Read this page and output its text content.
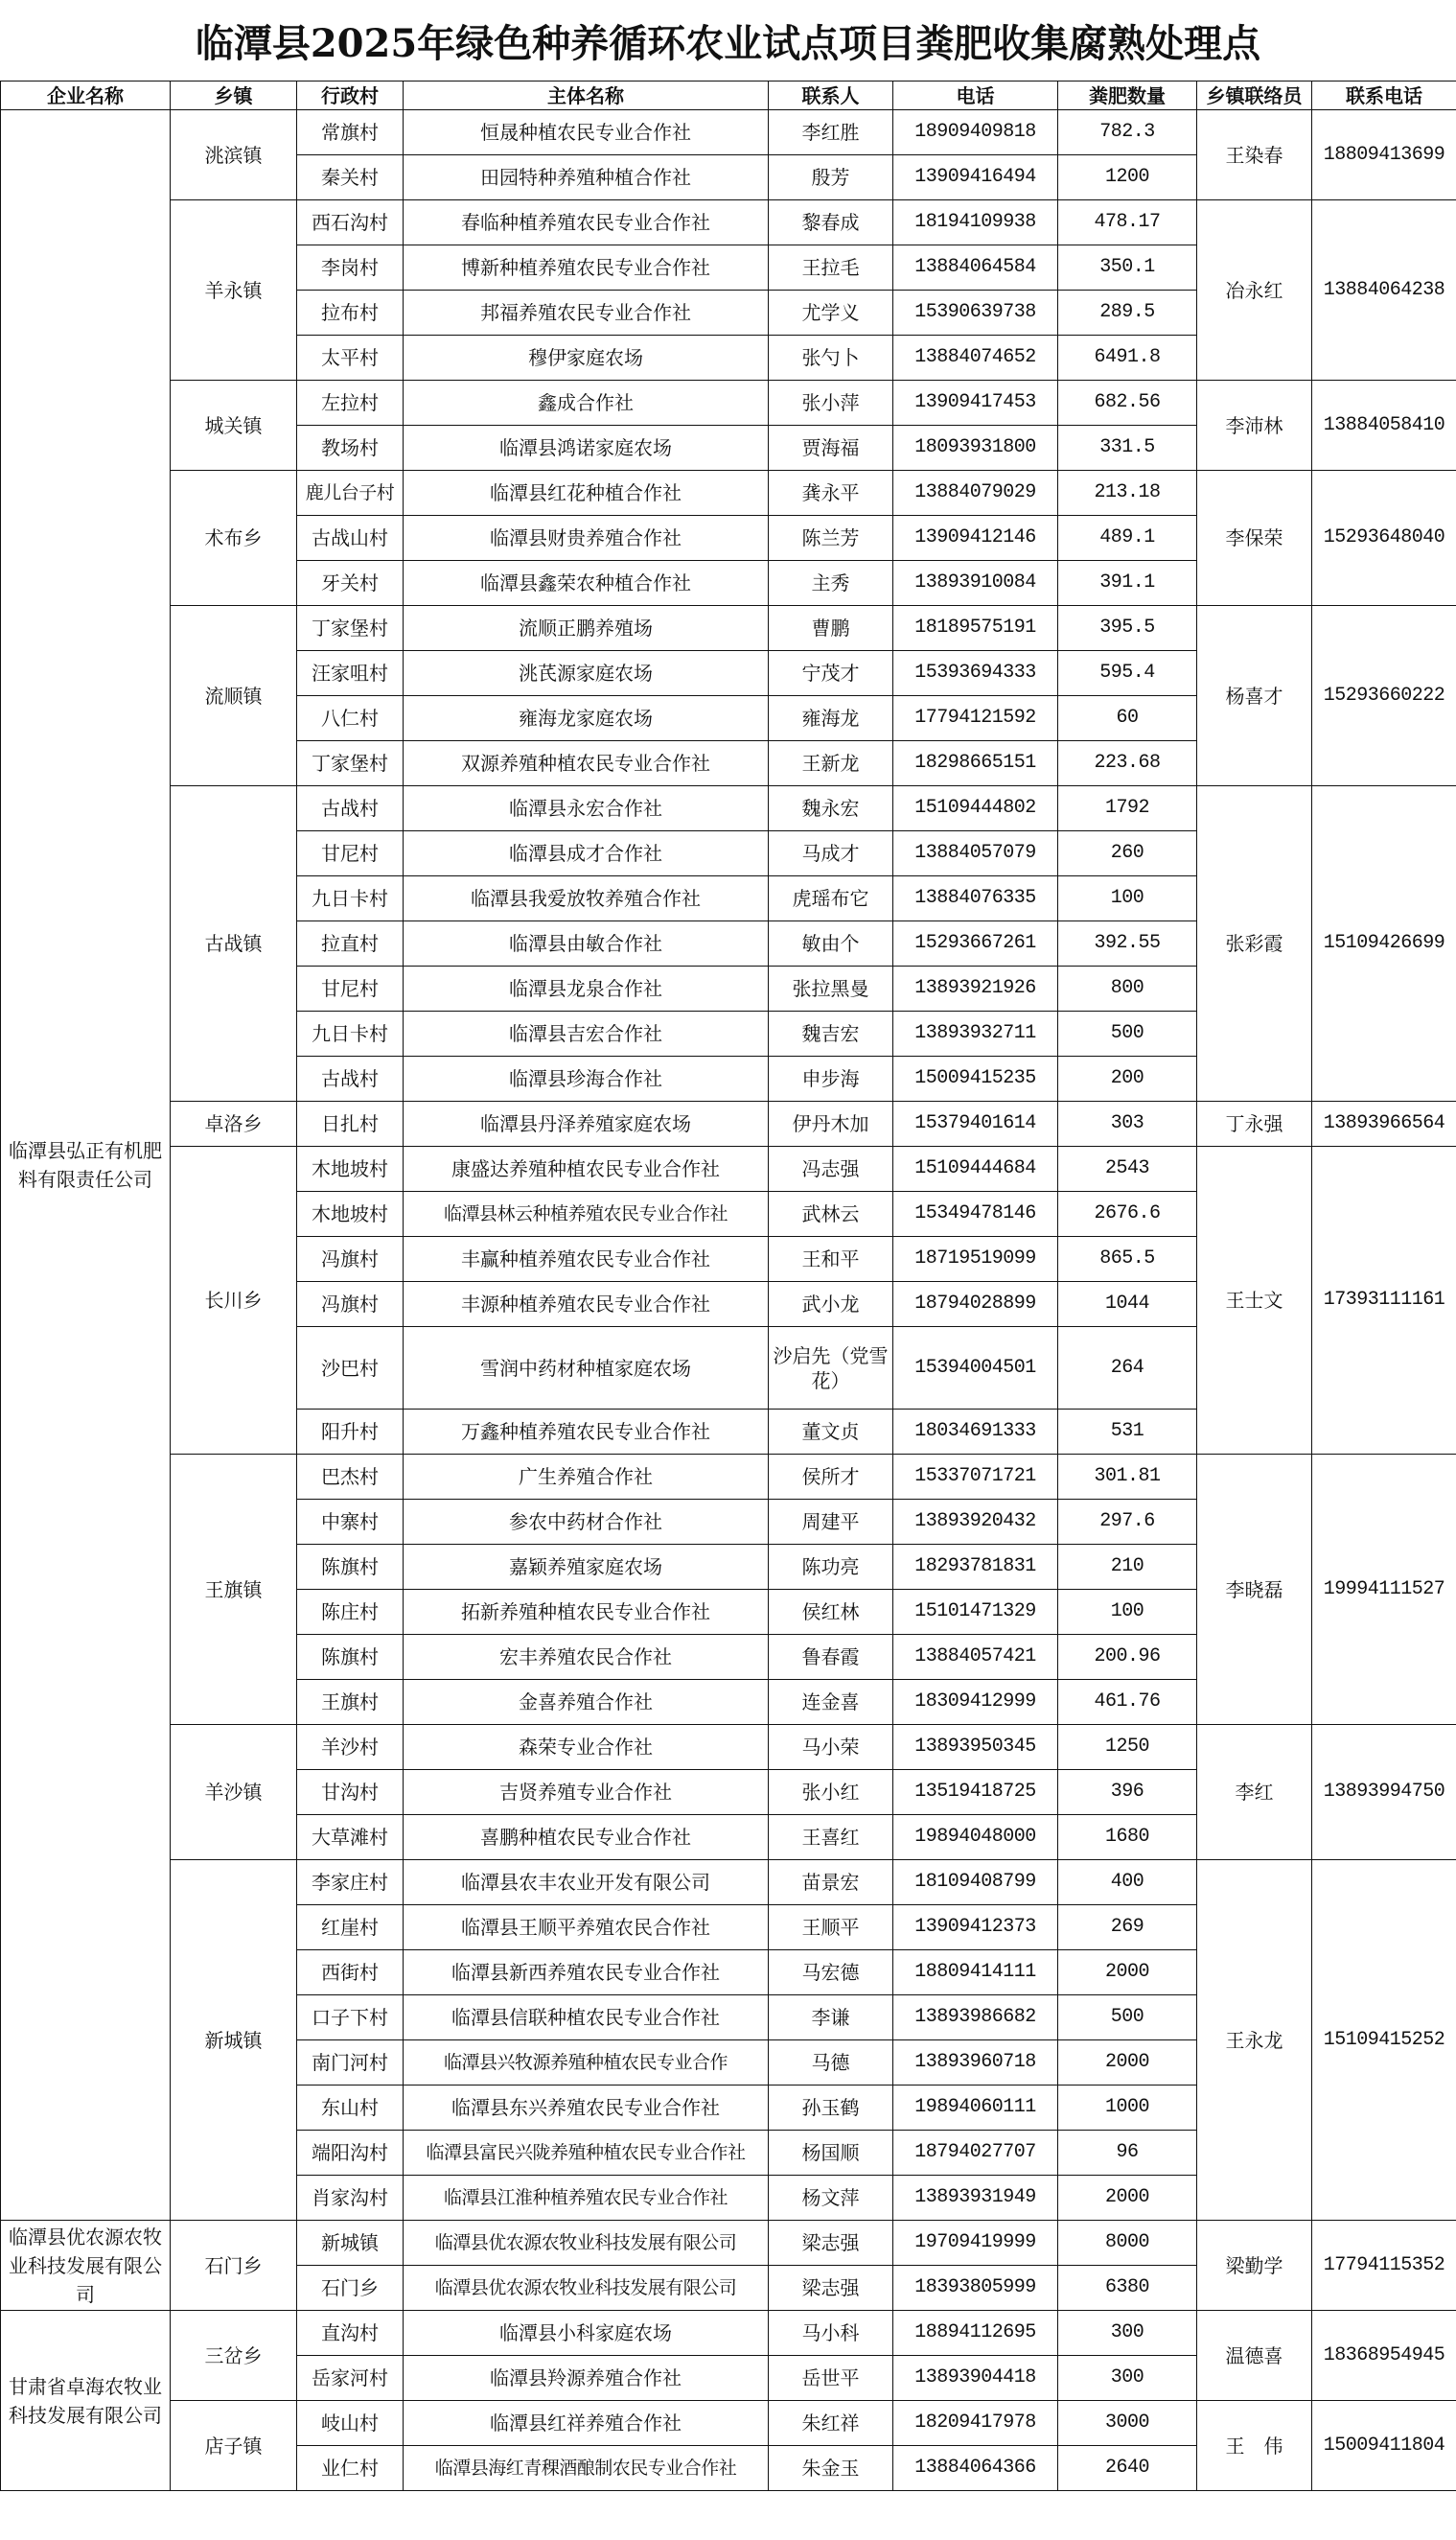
临潭县2025年绿色种养循环农业试点项目粪肥收集腐熟处理点
企业名称	乡镇	行政村	主体名称	联系人	电话	粪肥数量	乡镇联络员	联系电话
临潭县弘正有机肥料有限责任公司	洮滨镇	常旗村	恒晟种植农民专业合作社	李红胜	18909409818	782.3	王染春	18809413699
		秦关村	田园特种养殖种植合作社	殷芳	13909416494	1200		
	羊永镇	西石沟村	春临种植养殖农民专业合作社	黎春成	18194109938	478.17	冶永红	13884064238
		李岗村	博新种植养殖农民专业合作社	王拉毛	13884064584	350.1		
		拉布村	邦福养殖农民专业合作社	尤学义	15390639738	289.5		
		太平村	穆伊家庭农场	张勺卜	13884074652	6491.8		
	城关镇	左拉村	鑫成合作社	张小萍	13909417453	682.56	李沛林	13884058410
		教场村	临潭县鸿诺家庭农场	贾海福	18093931800	331.5		
	术布乡	鹿儿台子村	临潭县红花种植合作社	龚永平	13884079029	213.18	李保荣	15293648040
		古战山村	临潭县财贵养殖合作社	陈兰芳	13909412146	489.1		
		牙关村	临潭县鑫荣农种植合作社	主秀	13893910084	391.1		
	流顺镇	丁家堡村	流顺正鹏养殖场	曹鹏	18189575191	395.5	杨喜才	15293660222
		汪家咀村	洮芪源家庭农场	宁茂才	15393694333	595.4		
		八仁村	雍海龙家庭农场	雍海龙	17794121592	60		
		丁家堡村	双源养殖种植农民专业合作社	王新龙	18298665151	223.68		
	古战镇	古战村	临潭县永宏合作社	魏永宏	15109444802	1792	张彩霞	15109426699
		甘尼村	临潭县成才合作社	马成才	13884057079	260		
		九日卡村	临潭县我爱放牧养殖合作社	虎瑶布它	13884076335	100		
		拉直村	临潭县由敏合作社	敏由个	15293667261	392.55		
		甘尼村	临潭县龙泉合作社	张拉黑曼	13893921926	800		
		九日卡村	临潭县吉宏合作社	魏吉宏	13893932711	500		
		古战村	临潭县珍海合作社	申步海	15009415235	200		
	卓洛乡	日扎村	临潭县丹泽养殖家庭农场	伊丹木加	15379401614	303	丁永强	13893966564
	长川乡	木地坡村	康盛达养殖种植农民专业合作社	冯志强	15109444684	2543	王士文	17393111161
		木地坡村	临潭县林云种植养殖农民专业合作社	武林云	15349478146	2676.6		
		冯旗村	丰赢种植养殖农民专业合作社	王和平	18719519099	865.5		
		冯旗村	丰源种植养殖农民专业合作社	武小龙	18794028899	1044		
		沙巴村	雪润中药材种植家庭农场	沙启先（党雪花）	15394004501	264		
		阳升村	万鑫种植养殖农民专业合作社	董文贞	18034691333	531		
	王旗镇	巴杰村	广生养殖合作社	侯所才	15337071721	301.81	李晓磊	19994111527
		中寨村	参农中药材合作社	周建平	13893920432	297.6		
		陈旗村	嘉颖养殖家庭农场	陈功亮	18293781831	210		
		陈庄村	拓新养殖种植农民专业合作社	侯红林	15101471329	100		
		陈旗村	宏丰养殖农民合作社	鲁春霞	13884057421	200.96		
		王旗村	金喜养殖合作社	连金喜	18309412999	461.76		
	羊沙镇	羊沙村	森荣专业合作社	马小荣	13893950345	1250	李红	13893994750
		甘沟村	吉贤养殖专业合作社	张小红	13519418725	396		
		大草滩村	喜鹏种植农民专业合作社	王喜红	19894048000	1680		
	新城镇	李家庄村	临潭县农丰农业开发有限公司	苗景宏	18109408799	400	王永龙	15109415252
		红崖村	临潭县王顺平养殖农民合作社	王顺平	13909412373	269		
		西街村	临潭县新西养殖农民专业合作社	马宏德	18809414111	2000		
		口子下村	临潭县信联种植农民专业合作社	李谦	13893986682	500		
		南门河村	临潭县兴牧源养殖种植农民专业合作	马德	13893960718	2000		
		东山村	临潭县东兴养殖农民专业合作社	孙玉鹤	19894060111	1000		
		端阳沟村	临潭县富民兴陇养殖种植农民专业合作社	杨国顺	18794027707	96		
		肖家沟村	临潭县江淮种植养殖农民专业合作社	杨文萍	13893931949	2000		
临潭县优农源农牧业科技发展有限公司	石门乡	新城镇	临潭县优农源农牧业科技发展有限公司	梁志强	19709419999	8000	梁勤学	17794115352
		石门乡	临潭县优农源农牧业科技发展有限公司	梁志强	18393805999	6380		
甘肃省卓海农牧业科技发展有限公司	三岔乡	直沟村	临潭县小科家庭农场	马小科	18894112695	300	温德喜	18368954945
		岳家河村	临潭县羚源养殖合作社	岳世平	13893904418	300		
	店子镇	岐山村	临潭县红祥养殖合作社	朱红祥	18209417978	3000	王　伟	15009411804
		业仁村	临潭县海红青稞酒酿制农民专业合作社	朱金玉	13884064366	2640		
